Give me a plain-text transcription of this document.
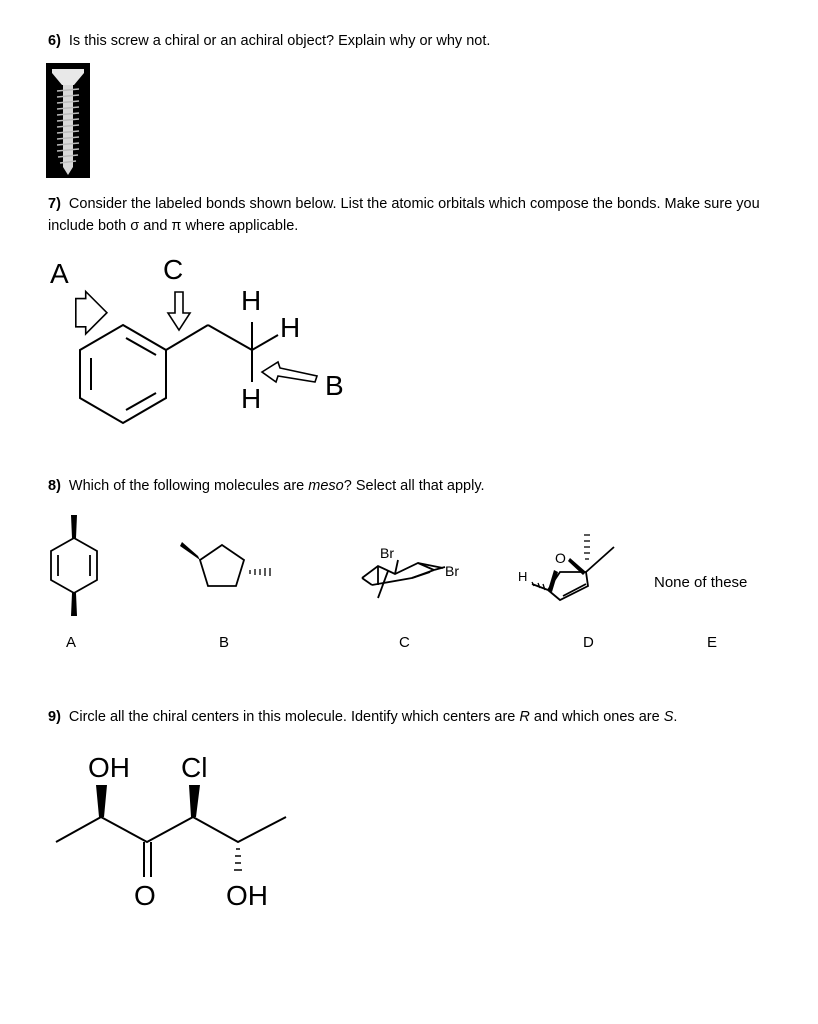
6) Is this screw a chiral or an achiral object? Explain why or why not.
7) Consider the labeled bonds shown below. List the atomic orbitals which compose the bonds. Make sure you include both σ and π where applicable.
A	C
B
H
H
H
8) Which of the following molecules are meso? Select all that apply.
Br
Br	H
O
None of these
A	B	C	D	E
9) Circle all the chiral centers in this molecule. Identify which centers are R and which ones are S.
OH Cl
O	OH
